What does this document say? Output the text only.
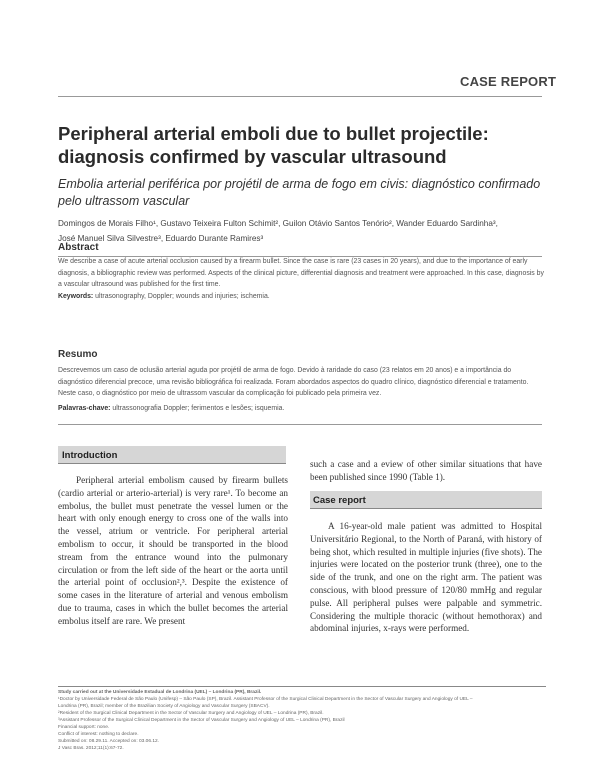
CASE REPORT
Peripheral arterial emboli due to bullet projectile: diagnosis confirmed by vascular ultrasound
Embolia arterial periférica por projétil de arma de fogo em civis: diagnóstico confirmado pelo ultrassom vascular
Domingos de Morais Filho¹, Gustavo Teixeira Fulton Schimit², Guilon Otávio Santos Tenório², Wander Eduardo Sardinha³,
José Manuel Silva Silvestre³, Eduardo Durante Ramires³
Abstract
We describe a case of acute arterial occlusion caused by a firearm bullet. Since the case is rare (23 cases in 20 years), and due to the importance of early diagnosis, a bibliographic review was performed. Aspects of the clinical picture, differential diagnosis and treatment were approached. In this case, diagnosis by a vascular ultrasound was published for the first time.
Keywords: ultrasonography, Doppler; wounds and injuries; ischemia.
Resumo
Descrevemos um caso de oclusão arterial aguda por projétil de arma de fogo. Devido à raridade do caso (23 relatos em 20 anos) e a importância do diagnóstico diferencial precoce, uma revisão bibliográfica foi realizada. Foram abordados aspectos do quadro clínico, diagnóstico diferencial e tratamento. Neste caso, o diagnóstico por meio de ultrassom vascular da complicação foi publicado pela primeira vez.
Palavras-chave: ultrassonografia Doppler; ferimentos e lesões; isquemia.
Introduction
Peripheral arterial embolism caused by firearm bullets (cardio arterial or arterio-arterial) is very rare¹. To become an embolus, the bullet must penetrate the vessel lumen or the heart with only enough energy to cross one of the walls into the vessel, atrium or ventricle. For peripheral arterial embolism to occur, it should be transported in the blood stream from the entrance wound into the pulmonary circulation or from the left side of the heart or the aorta until the arterial point of occlusion²,³. Despite the existence of some cases in the literature of arterial and venous embolism due to trauma, cases in which the bullet becomes the arterial embolus itself are rare. We present
such a case and a eview of other similar situations that have been published since 1990 (Table 1).
Case report
A 16-year-old male patient was admitted to Hospital Universitário Regional, to the North of Paraná, with history of being shot, which resulted in multiple injuries (five shots). The injuries were located on the posterior trunk (three), one to the side of the trunk, and one on the right arm. The patient was conscious, with blood pressure of 120/80 mmHg and regular pulse. All peripheral pulses were palpable and symmetric. Considering the multiple thoracic (without hemothorax) and abdominal injuries, x-rays were performed.
Study carried out at the Universidade Estadual de Londrina (UEL) – Londrina (PR), Brazil.
¹Doctor by Universidade Federal de São Paulo (Unifesp) – São Paulo (SP), Brazil. Assistant Professor of the Surgical Clinical Department in the Sector of Vascular Surgery and Angiology of UEL –
Londrina (PR), Brazil; member of the Brazilian Society of Angiology and Vascular Surgery (SBACV).
²Resident of the Surgical Clinical Department in the Sector of Vascular Surgery and Angiology of UEL – Londrina (PR), Brazil.
³Assistant Professor of the Surgical Clinical Department in the Sector of Vascular Surgery and Angiology of UEL – Londrina (PR), Brazil
Financial support: none.
Conflict of interest: nothing to declare.
Submitted on: 08.29.11. Accepted on: 03.06.12.
J Vasc Bras. 2012;11(1):67-72.
